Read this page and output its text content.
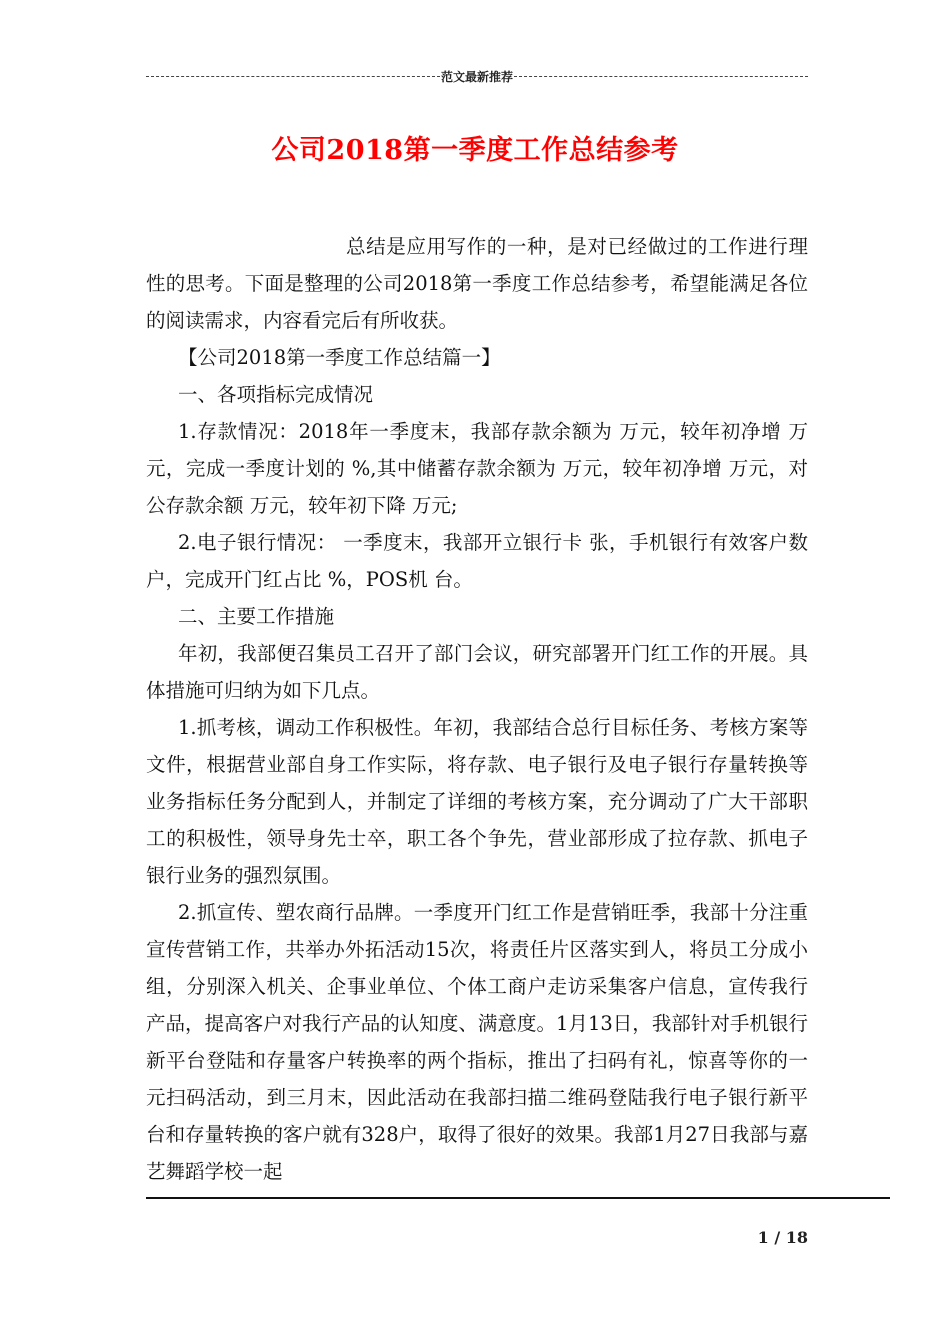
范文最新推荐
公司2018第一季度工作总结参考

总结是应用写作的一种，是对已经做过的工作进行理性的思考。下面是整理的公司2018第一季度工作总结参考，希望能满足各位的阅读需求，内容看完后有所收获。

【公司2018第一季度工作总结篇一】

一、各项指标完成情况

1.存款情况：2018年一季度末，我部存款余额为 万元，较年初净增 万元，完成一季度计划的 %,其中储蓄存款余额为 万元，较年初净增 万元，对公存款余额 万元，较年初下降 万元;

2.电子银行情况： 一季度末，我部开立银行卡 张，手机银行有效客户数 户，完成开门红占比 %，POS机 台。

二、主要工作措施

年初，我部便召集员工召开了部门会议，研究部署开门红工作的开展。具体措施可归纳为如下几点。

1.抓考核，调动工作积极性。年初，我部结合总行目标任务、考核方案等文件，根据营业部自身工作实际，将存款、电子银行及电子银行存量转换等业务指标任务分配到人，并制定了详细的考核方案，充分调动了广大干部职工的积极性，领导身先士卒，职工各个争先，营业部形成了拉存款、抓电子银行业务的强烈氛围。

2.抓宣传、塑农商行品牌。一季度开门红工作是营销旺季，我部十分注重宣传营销工作，共举办外拓活动15次，将责任片区落实到人，将员工分成小组，分别深入机关、企事业单位、个体工商户走访采集客户信息，宣传我行产品，提高客户对我行产品的认知度、满意度。1月13日，我部针对手机银行新平台登陆和存量客户转换率的两个指标，推出了扫码有礼，惊喜等你的一元扫码活动，到三月末，因此活动在我部扫描二维码登陆我行电子银行新平台和存量转换的客户就有328户，取得了很好的效果。我部1月27日我部与嘉艺舞蹈学校一起

1 / 18
